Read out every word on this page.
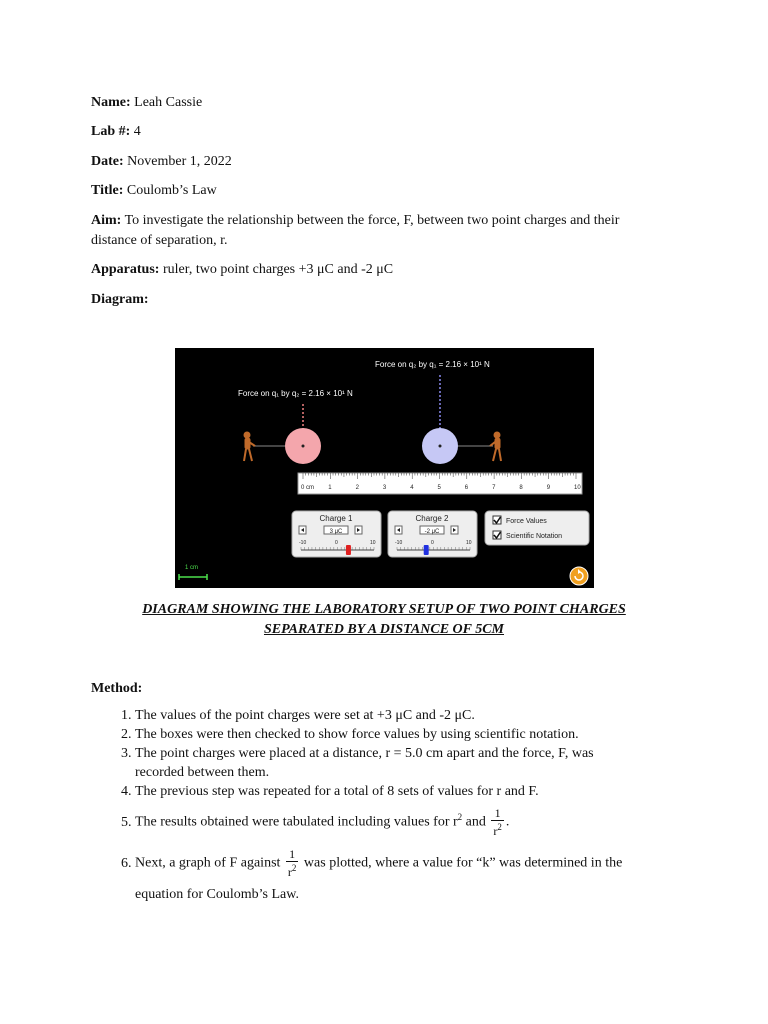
Name: Leah Cassie
Lab #: 4
Date: November 1, 2022
Title: Coulomb’s Law
Aim: To investigate the relationship between the force, F, between two point charges and their
distance of separation, r.
Apparatus: ruler, two point charges +3 μC and -2 μC
Diagram:
Force on q₂ by q₁ = 2.16 × 10¹ N
Force on q₁ by q₂ = 2.16 × 10¹ N
0 cm 1	2	3	4	5	6	7	8	9	10
Charge 1
3 μC
-10	0	10
Charge 2
-2 μC
-10	0	10
Force Values
Scientific Notation
1 cm
DIAGRAM SHOWING THE LABORATORY SETUP OF TWO POINT CHARGES
SEPARATED BY A DISTANCE OF 5CM
Method:
1. The values of the point charges were set at +3 μC and -2 μC.
2. The boxes were then checked to show force values by using scientific notation.
3. The point charges were placed at a distance, r = 5.0 cm apart and the force, F, was
recorded between them.
4. The previous step was repeated for a total of 8 sets of values for r and F.
5. The results obtained were tabulated including values for $r^2$ and $\frac{1}{r^2}$ .
6. Next, a graph of F against $\frac{1}{r^2}$ was plotted, where a value for “k” was determined in the
equation for Coulomb’s Law.
